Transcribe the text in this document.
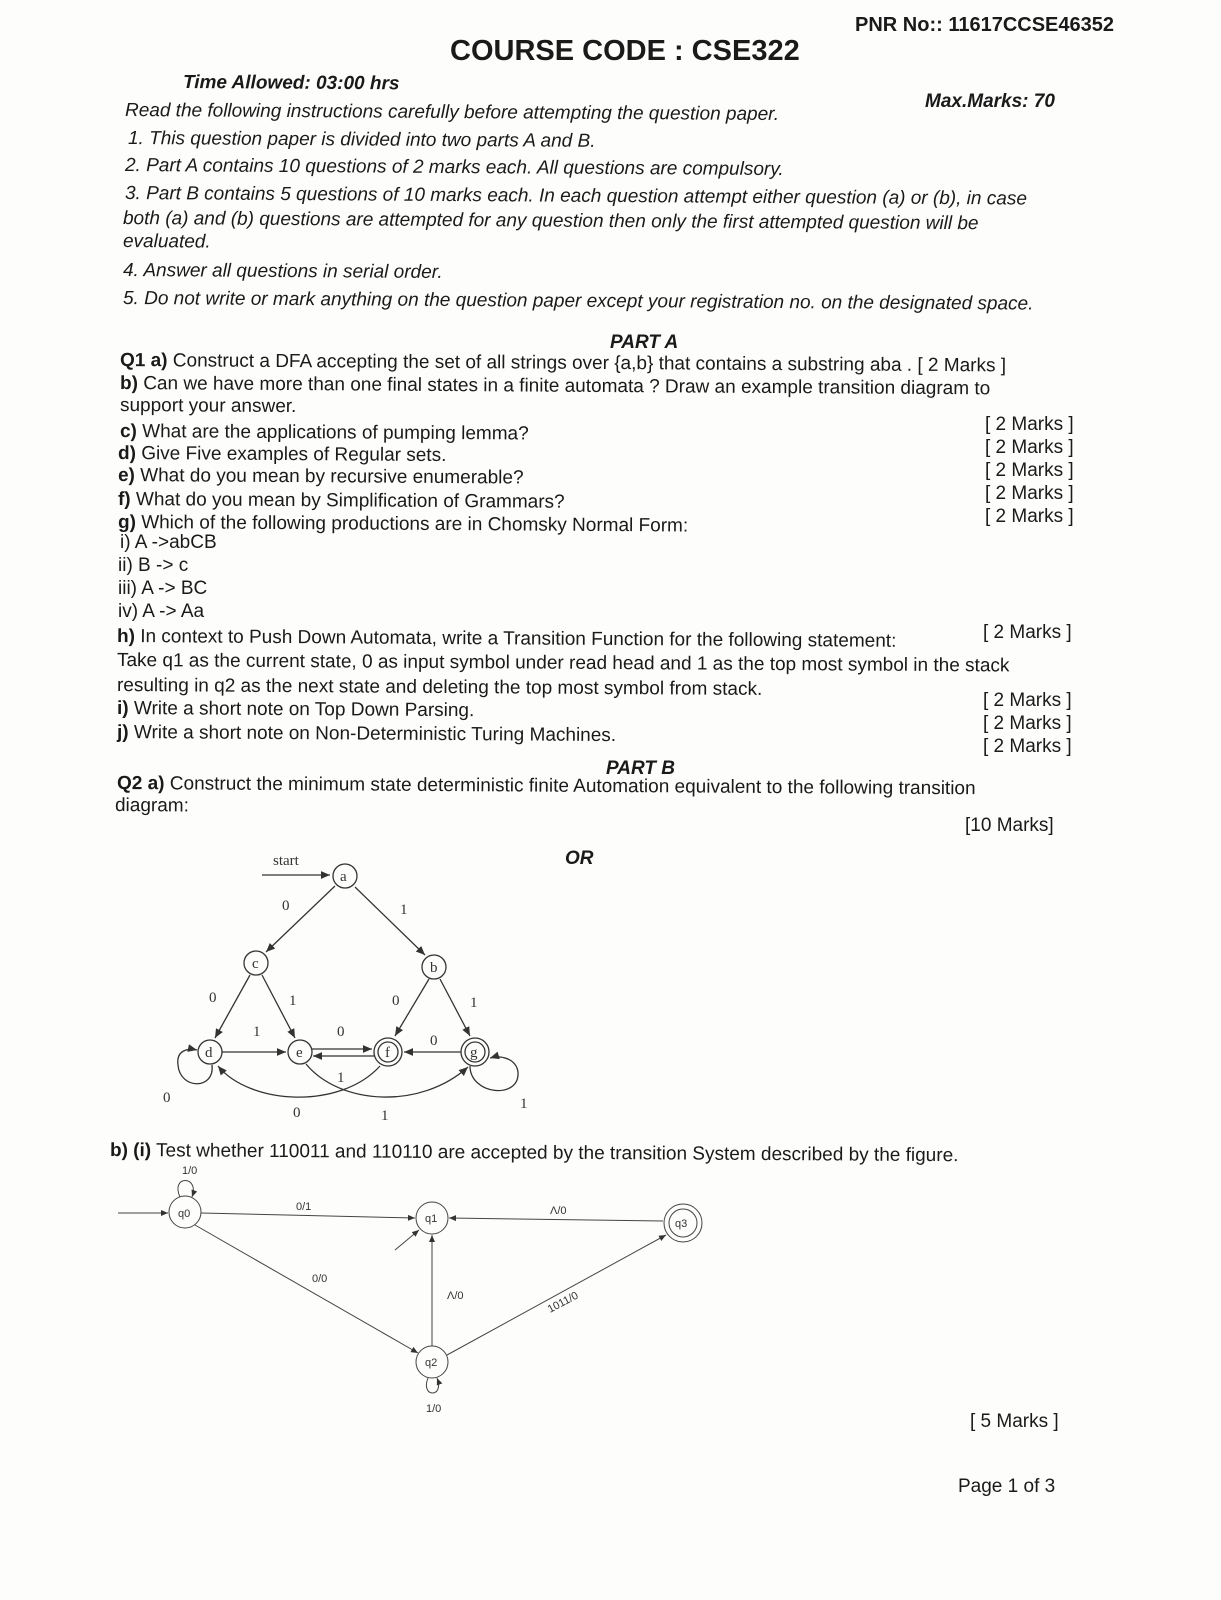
PNR No:: 11617CCSE46352
COURSE CODE : CSE322
Time Allowed: 03:00 hrs
Max.Marks: 70
Read the following instructions carefully before attempting the question paper.
1. This question paper is divided into two parts A and B.
2. Part A contains 10 questions of 2 marks each. All questions are compulsory.
3. Part B contains 5 questions of 10 marks each. In each question attempt either question (a) or (b), in case
both (a) and (b) questions are attempted for any question then only the first attempted question will be
evaluated.
4. Answer all questions in serial order.
5. Do not write or mark anything on the question paper except your registration no. on the designated space.
PART A
Q1 a) Construct a DFA accepting the set of all strings over {a,b} that contains a substring aba . [ 2 Marks ]
b) Can we have more than one final states in a finite automata ? Draw an example transition diagram to
support your answer.
c) What are the applications of pumping lemma?
d) Give Five examples of Regular sets.
e) What do you mean by recursive enumerable?
f) What do you mean by Simplification of Grammars?
g) Which of the following productions are in Chomsky Normal Form:
[ 2 Marks ]
[ 2 Marks ]
[ 2 Marks ]
[ 2 Marks ]
[ 2 Marks ]
i) A ->abCB
ii) B -> c
iii) A -> BC
iv) A -> Aa
[ 2 Marks ]
h) In context to Push Down Automata, write a Transition Function for the following statement:
Take q1 as the current state, 0 as input symbol under read head and 1 as the top most symbol in the stack
resulting in q2 as the next state and deleting the top most symbol from stack.
i) Write a short note on Top Down Parsing.
j) Write a short note on Non-Deterministic Turing Machines.
[ 2 Marks ]
[ 2 Marks ]
[ 2 Marks ]
PART B
Q2 a) Construct the minimum state deterministic finite Automation equivalent to the following transition
diagram:
[10 Marks]
OR
start
a
b
c
d	e	f	g
0	1
0	1	0	1
1	0
0
1
0
0	1
1
b) (i) Test whether 110011 and 110110 are accepted by the transition System described by the figure.
q0	q1
q2
q3
1/0
0/1	Λ/0
0/0
Λ/0	1011/0
1/0
[ 5 Marks ]
Page 1 of 3
